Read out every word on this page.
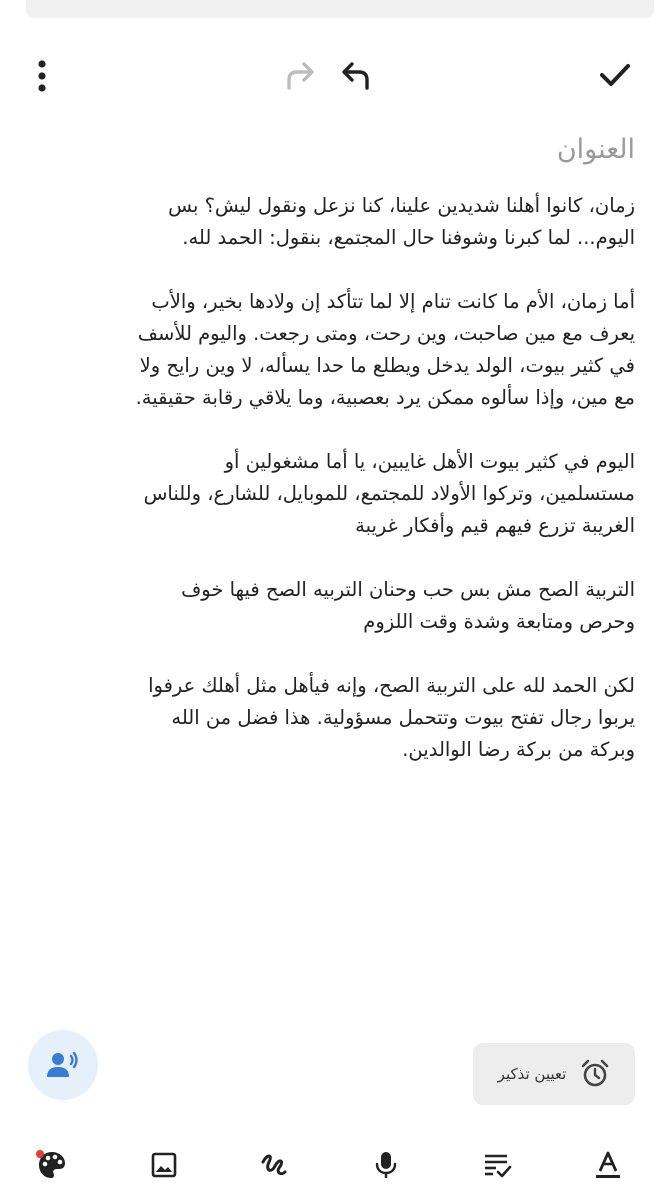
العنوان

زمان، كانوا أهلنا شديدين علينا، كنا نزعل ونقول ليش؟ بس
اليوم... لما كبرنا وشوفنا حال المجتمع، بنقول: الحمد لله.

أما زمان، الأم ما كانت تنام إلا لما تتأكد إن ولادها بخير، والأب
يعرف مع مين صاحبت، وين رحت، ومتى رجعت. واليوم للأسف
في كثير بيوت، الولد يدخل ويطلع ما حدا يسأله، لا وين رايح ولا
مع مين، وإذا سألوه ممكن يرد بعصبية، وما يلاقي رقابة حقيقية.

اليوم في كثير بيوت الأهل غايبين، يا أما مشغولين أو
مستسلمين، وتركوا الأولاد للمجتمع، للموبايل، للشارع، وللناس
الغريبة تزرع فيهم قيم وأفكار غريبة

التربية الصح مش بس حب وحنان التربيه الصح فيها خوف
وحرص ومتابعة وشدة وقت اللزوم

لكن الحمد لله على التربية الصح، وإنه فيأهل مثل أهلك عرفوا
يربوا رجال تفتح بيوت وتتحمل مسؤولية. هذا فضل من الله
وبركة من بركة رضا الوالدين.

تعيين تذكير
